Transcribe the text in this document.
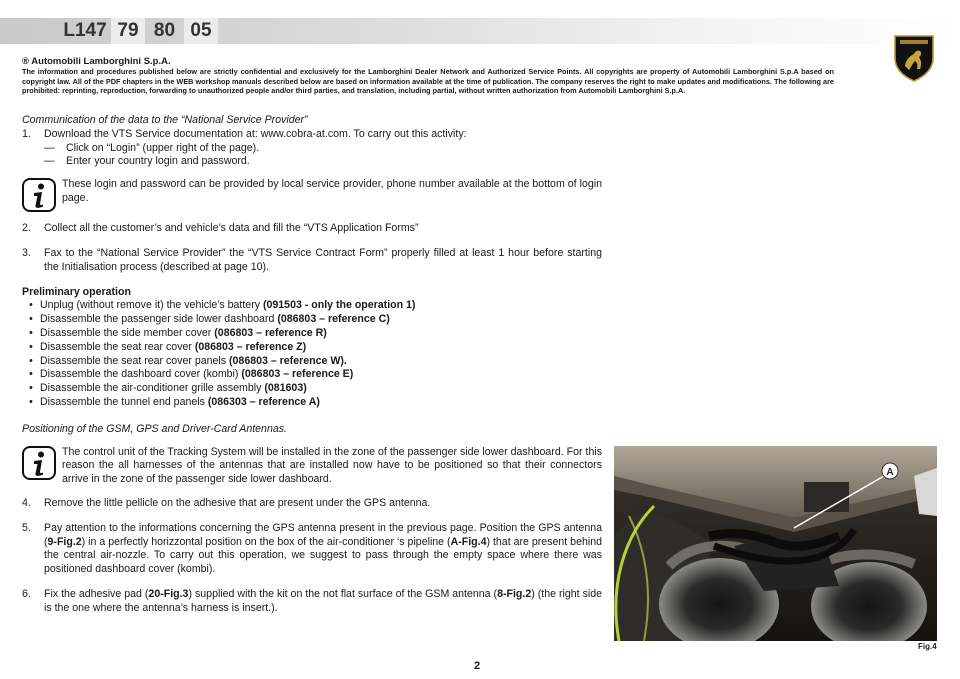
L147 79 80 05
® Automobili Lamborghini S.p.A.

The information and procedures published below are strictly confidential and exclusively for the Lamborghini Dealer Network and Authorized Service Points. All copyrights are property of Automobili Lamborghini S.p.A based on copyright law. All of the PDF chapters in the WEB workshop manuals described below are based on information available at the time of publication. The company reserves the right to make updates and modifications. The following are prohibited: reprinting, reproduction, forwarding to unauthorized people and/or third parties, and translation, including partial, without written authorization from Automobili Lamborghini S.p.A.

Communication of the data to the “National Service Provider”

1.	Download the VTS Service documentation at: www.cobra-at.com. To carry out this activity:
—	Click on “Login” (upper right of the page).
—	Enter your country login and password.
These login and password can be provided by local service provider, phone number available at the bottom of login page.
2.	Collect all the customer’s and vehicle’s data and fill the “VTS Application Forms”
3.	Fax to the “National Service Provider” the “VTS Service Contract Form” properly filled at least 1 hour before starting the Initialisation process (described at page 10).

Preliminary operation

• Unplug (without remove it) the vehicle’s battery (091503 - only the operation 1)
• Disassemble the passenger side lower dashboard (086803 – reference C)
• Disassemble the side member cover (086803 – reference R)
• Disassemble the seat rear cover (086803 – reference Z)
• Disassemble the seat rear cover panels (086803 – reference W).
• Disassemble the dashboard cover (kombi) (086803 – reference E)
• Disassemble the air-conditioner grille assembly (081603)
• Disassemble the tunnel end panels (086303 – reference A)

Positioning of the GSM, GPS and Driver-Card Antennas.

The control unit of the Tracking System will be installed in the zone of the passenger side lower dashboard. For this reason the all harnesses of the antennas that are installed now have to be positioned so that their connectors arrive in the zone of the passenger side lower dashboard.
4.	Remove the little pellicle on the adhesive that are present under the GPS antenna.
5.	Pay attention to the informations concerning the GPS antenna present in the previous page. Position the GPS antenna (9-Fig.2) in a perfectly horizzontal position on the box of the air-conditioner ‘s pipeline (A-Fig.4) that are present behind the central air-nozzle. To carry out this operation, we suggest to pass through the empty space where there was positioned dashboard cover (kombi).
6.	Fix the adhesive pad (20-Fig.3) supplied with the kit on the not flat surface of the GSM antenna (8-Fig.2) (the right side is the one where the antenna’s harness is insert.).
A
Fig.4
2
